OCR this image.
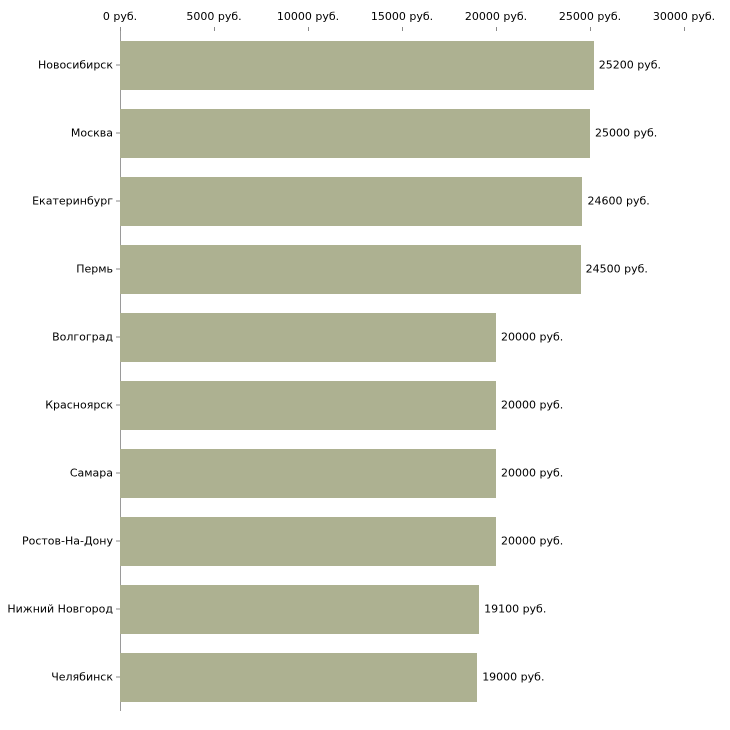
0 руб.	5000 руб.	10000 руб.	15000 руб.	20000 руб.	25000 руб.	30000 руб.
Новосибирск	25200 руб.
Москва	25000 руб.
Екатеринбург	24600 руб.
Пермь	24500 руб.
Волгоград	20000 руб.
Красноярск	20000 руб.
Самара	20000 руб.
Ростов-На-Дону	20000 руб.
Нижний Новгород	19100 руб.
Челябинск	19000 руб.
